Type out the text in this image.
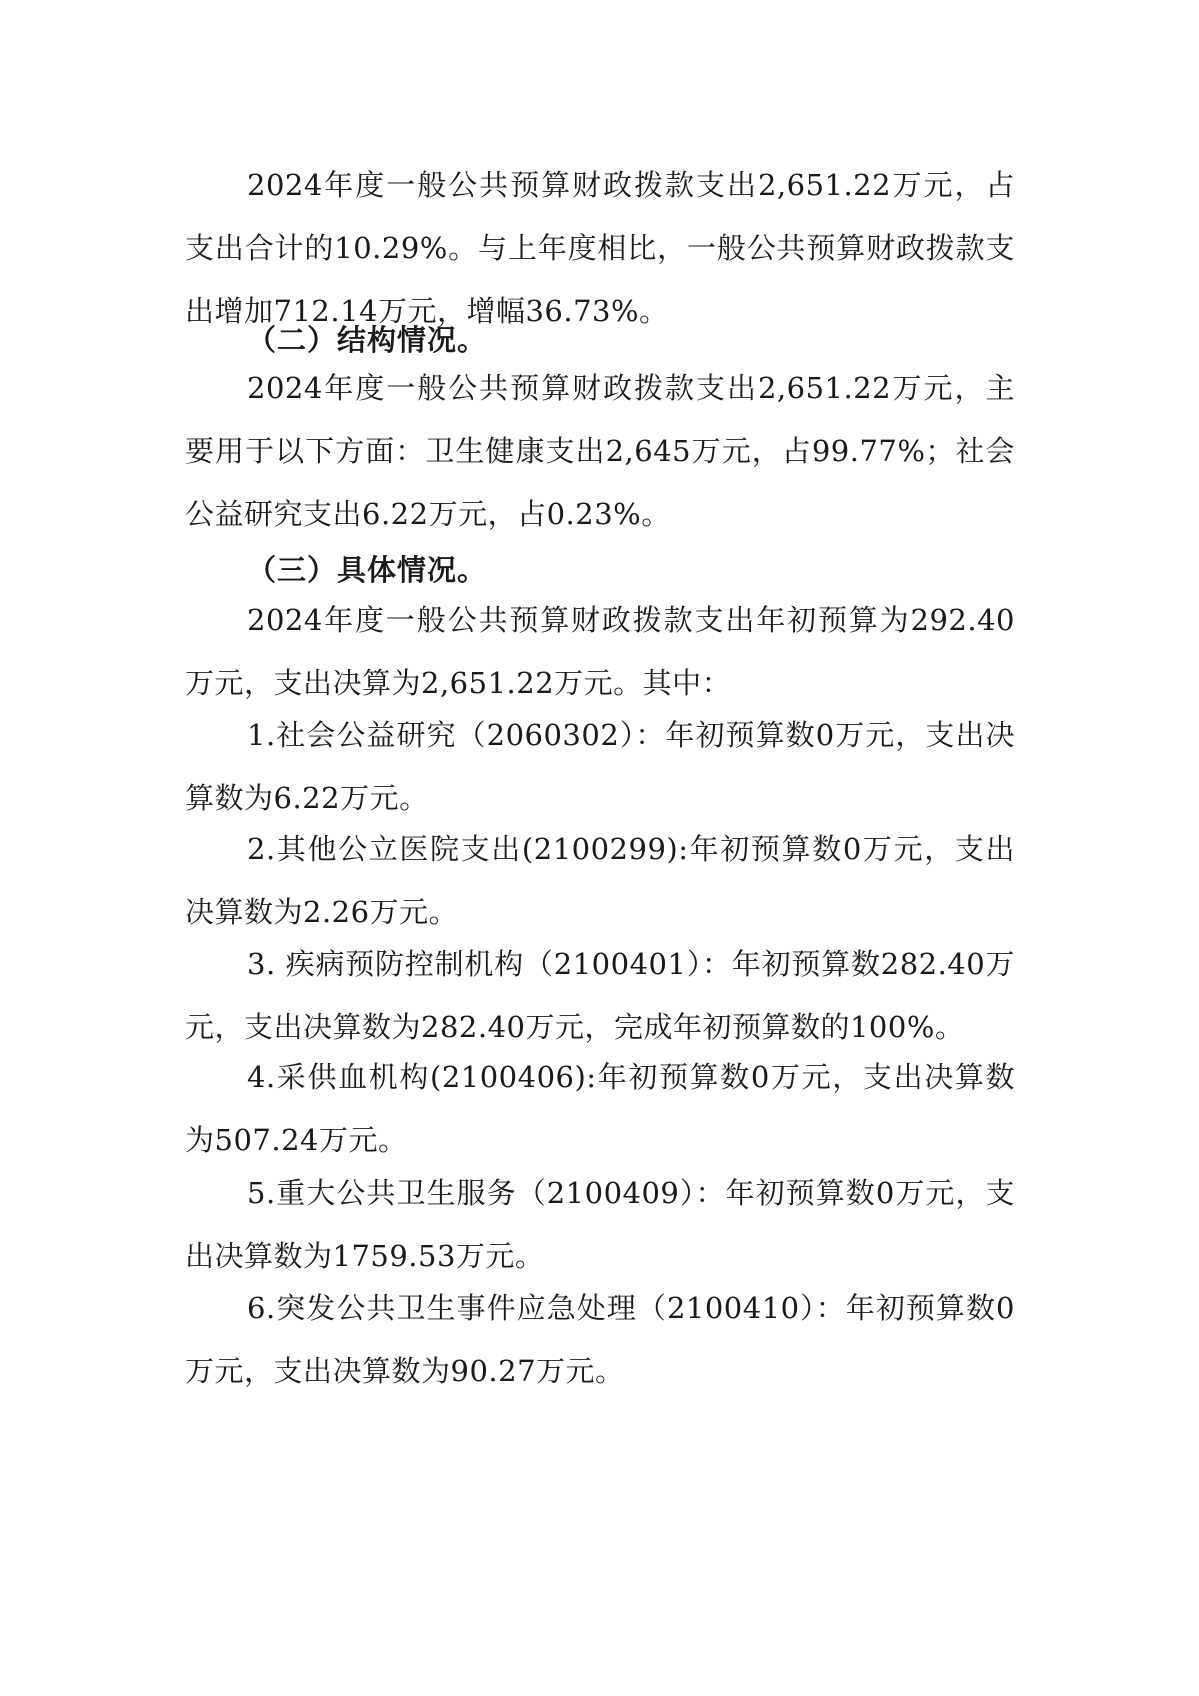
2024年度一般公共预算财政拨款支出2,651.22万元，占支出合计的10.29%。与上年度相比，一般公共预算财政拨款支出增加712.14万元，增幅36.73%。

（二）结构情况。

2024年度一般公共预算财政拨款支出2,651.22万元，主要用于以下方面：卫生健康支出2,645万元，占99.77%；社会公益研究支出6.22万元，占0.23%。

（三）具体情况。

2024年度一般公共预算财政拨款支出年初预算为292.40万元，支出决算为2,651.22万元。其中：

1.社会公益研究（2060302）：年初预算数0万元，支出决算数为6.22万元。

2.其他公立医院支出(2100299):年初预算数0万元，支出决算数为2.26万元。

3. 疾病预防控制机构（2100401）：年初预算数282.40万元，支出决算数为282.40万元，完成年初预算数的100%。

4.采供血机构(2100406):年初预算数0万元，支出决算数为507.24万元。

5.重大公共卫生服务（2100409）：年初预算数0万元，支出决算数为1759.53万元。

6.突发公共卫生事件应急处理（2100410）：年初预算数0万元，支出决算数为90.27万元。
